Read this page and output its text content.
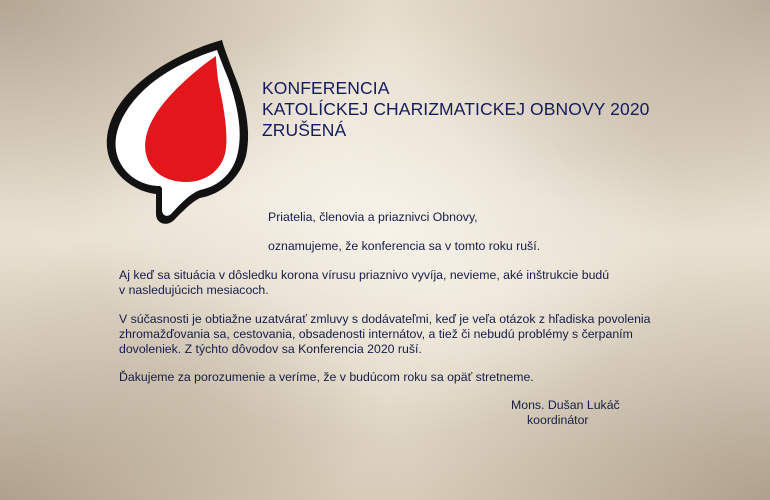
KONFERENCIA
KATOLÍCKEJ CHARIZMATICKEJ OBNOVY 2020
ZRUŠENÁ
Priatelia, členovia a priaznivci Obnovy,
oznamujeme, že konferencia sa v tomto roku ruší.
Aj keď sa situácia v dôsledku korona vírusu priaznivo vyvíja, nevieme, aké inštrukcie budú
v nasledujúcich mesiacoch.
V súčasnosti je obtiažne uzatvárať zmluvy s dodávateľmi, keď je veľa otázok z hľadiska povolenia
zhromažďovania sa, cestovania, obsadenosti internátov, a tiež či nebudú problémy s čerpaním
dovoleniek. Z týchto dôvodov sa Konferencia 2020 ruší.
Ďakujeme za porozumenie a veríme, že v budúcom roku sa opäť stretneme.
Mons. Dušan Lukáč
koordinátor
